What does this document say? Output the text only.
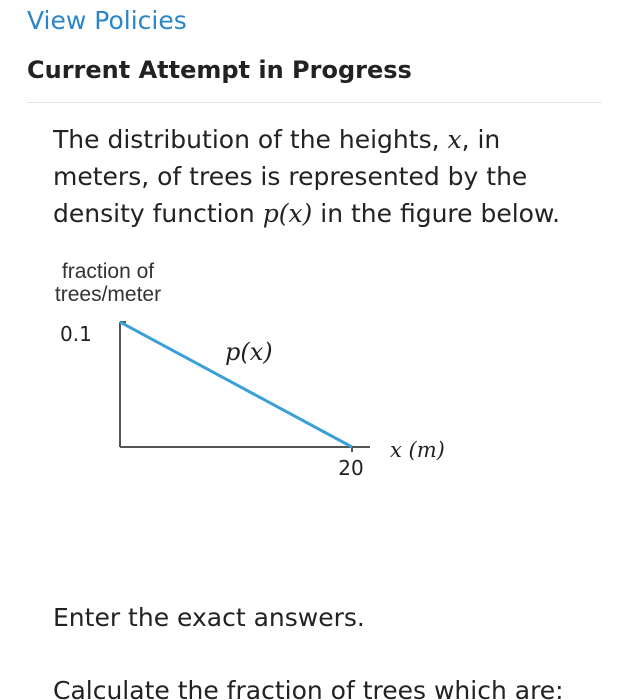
View Policies
Current Attempt in Progress
The distribution of the heights, x, in meters, of trees is represented by the density function p(x) in the figure below.
fraction of
trees/meter
0.1
p(x)
20
x (m)
Enter the exact answers.
Calculate the fraction of trees which are:
